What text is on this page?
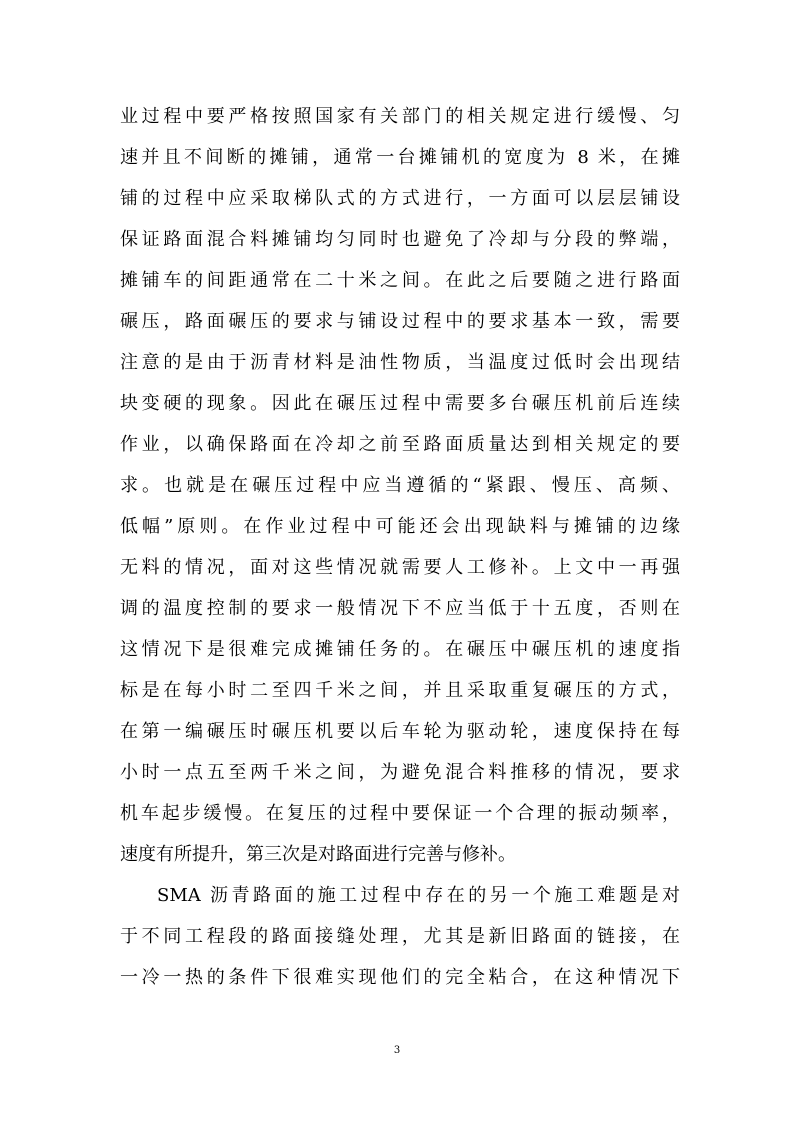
业过程中要严格按照国家有关部门的相关规定进行缓慢、匀
速并且不间断的摊铺，通常一台摊铺机的宽度为 8 米，在摊
铺的过程中应采取梯队式的方式进行，一方面可以层层铺设
保证路面混合料摊铺均匀同时也避免了冷却与分段的弊端，
摊铺车的间距通常在二十米之间。在此之后要随之进行路面
碾压，路面碾压的要求与铺设过程中的要求基本一致，需要
注意的是由于沥青材料是油性物质，当温度过低时会出现结
块变硬的现象。因此在碾压过程中需要多台碾压机前后连续
作业，以确保路面在冷却之前至路面质量达到相关规定的要
求。也就是在碾压过程中应当遵循的“紧跟、慢压、高频、
低幅”原则。在作业过程中可能还会出现缺料与摊铺的边缘
无料的情况，面对这些情况就需要人工修补。上文中一再强
调的温度控制的要求一般情况下不应当低于十五度，否则在
这情况下是很难完成摊铺任务的。在碾压中碾压机的速度指
标是在每小时二至四千米之间，并且采取重复碾压的方式，
在第一编碾压时碾压机要以后车轮为驱动轮，速度保持在每
小时一点五至两千米之间，为避免混合料推移的情况，要求
机车起步缓慢。在复压的过程中要保证一个合理的振动频率，
速度有所提升，第三次是对路面进行完善与修补。
SMA 沥青路面的施工过程中存在的另一个施工难题是对
于不同工程段的路面接缝处理，尤其是新旧路面的链接，在
一冷一热的条件下很难实现他们的完全粘合，在这种情况下
3
